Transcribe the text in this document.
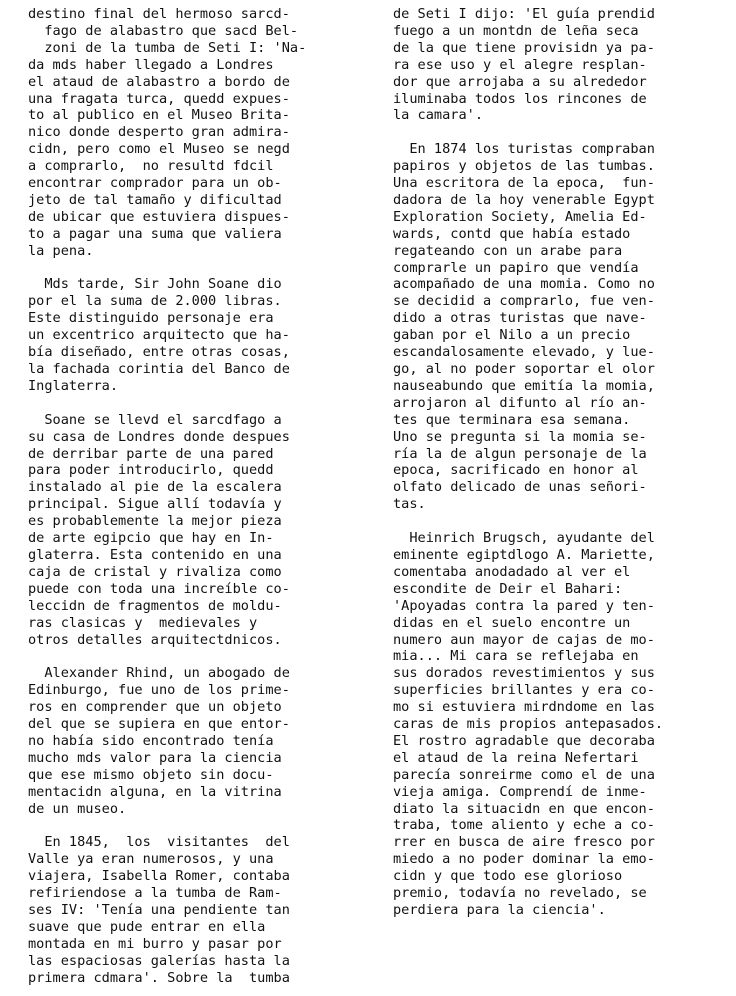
destino final del hermoso sarcd-
fago de alabastro que sacd Bel-
zoni de la tumba de Seti I: 'Na-
da mds haber llegado a Londres
el ataud de alabastro a bordo de
una fragata turca, quedd expues-
to al publico en el Museo Brita-
nico donde desperto gran admira-
cidn, pero como el Museo se negd
a comprarlo,  no resultd fdcil
encontrar comprador para un ob-
jeto de tal tamaño y dificultad
de ubicar que estuviera dispues-
to a pagar una suma que valiera
la pena.
Mds tarde, Sir John Soane dio
por el la suma de 2.000 libras.
Este distinguido personaje era
un excentrico arquitecto que ha-
bía diseñado, entre otras cosas,
la fachada corintia del Banco de
Inglaterra.
Soane se llevd el sarcdfago a
su casa de Londres donde despues
de derribar parte de una pared
para poder introducirlo, quedd
instalado al pie de la escalera
principal. Sigue allí todavía y
es probablemente la mejor pieza
de arte egipcio que hay en In-
glaterra. Esta contenido en una
caja de cristal y rivaliza como
puede con toda una increíble co-
leccidn de fragmentos de moldu-
ras clasicas y  medievales y
otros detalles arquitectdnicos.
Alexander Rhind, un abogado de
Edinburgo, fue uno de los prime-
ros en comprender que un objeto
del que se supiera en que entor-
no había sido encontrado tenía
mucho mds valor para la ciencia
que ese mismo objeto sin docu-
mentacidn alguna, en la vitrina
de un museo.
En 1845,  los  visitantes  del
Valle ya eran numerosos, y una
viajera, Isabella Romer, contaba
refiriendose a la tumba de Ram-
ses IV: 'Tenía una pendiente tan
suave que pude entrar en ella
montada en mi burro y pasar por
las espaciosas galerías hasta la
primera cdmara'. Sobre la  tumba
de Seti I dijo: 'El guía prendid
fuego a un montdn de leña seca
de la que tiene provisidn ya pa-
ra ese uso y el alegre resplan-
dor que arrojaba a su alrededor
iluminaba todos los rincones de
la camara'.
En 1874 los turistas compraban
papiros y objetos de las tumbas.
Una escritora de la epoca,  fun-
dadora de la hoy venerable Egypt
Exploration Society, Amelia Ed-
wards, contd que había estado
regateando con un arabe para
comprarle un papiro que vendía
acompañado de una momia. Como no
se decidid a comprarlo, fue ven-
dido a otras turistas que nave-
gaban por el Nilo a un precio
escandalosamente elevado, y lue-
go, al no poder soportar el olor
nauseabundo que emitía la momia,
arrojaron al difunto al río an-
tes que terminara esa semana.
Uno se pregunta si la momia se-
ría la de algun personaje de la
epoca, sacrificado en honor al
olfato delicado de unas señori-
tas.
Heinrich Brugsch, ayudante del
eminente egiptdlogo A. Mariette,
comentaba anodadado al ver el
escondite de Deir el Bahari:
'Apoyadas contra la pared y ten-
didas en el suelo encontre un
numero aun mayor de cajas de mo-
mia... Mi cara se reflejaba en
sus dorados revestimientos y sus
superficies brillantes y era co-
mo si estuviera mirdndome en las
caras de mis propios antepasados.
El rostro agradable que decoraba
el ataud de la reina Nefertari
parecía sonreirme como el de una
vieja amiga. Comprendí de inme-
diato la situacidn en que encon-
traba, tome aliento y eche a co-
rrer en busca de aire fresco por
miedo a no poder dominar la emo-
cidn y que todo ese glorioso
premio, todavía no revelado, se
perdiera para la ciencia'.
